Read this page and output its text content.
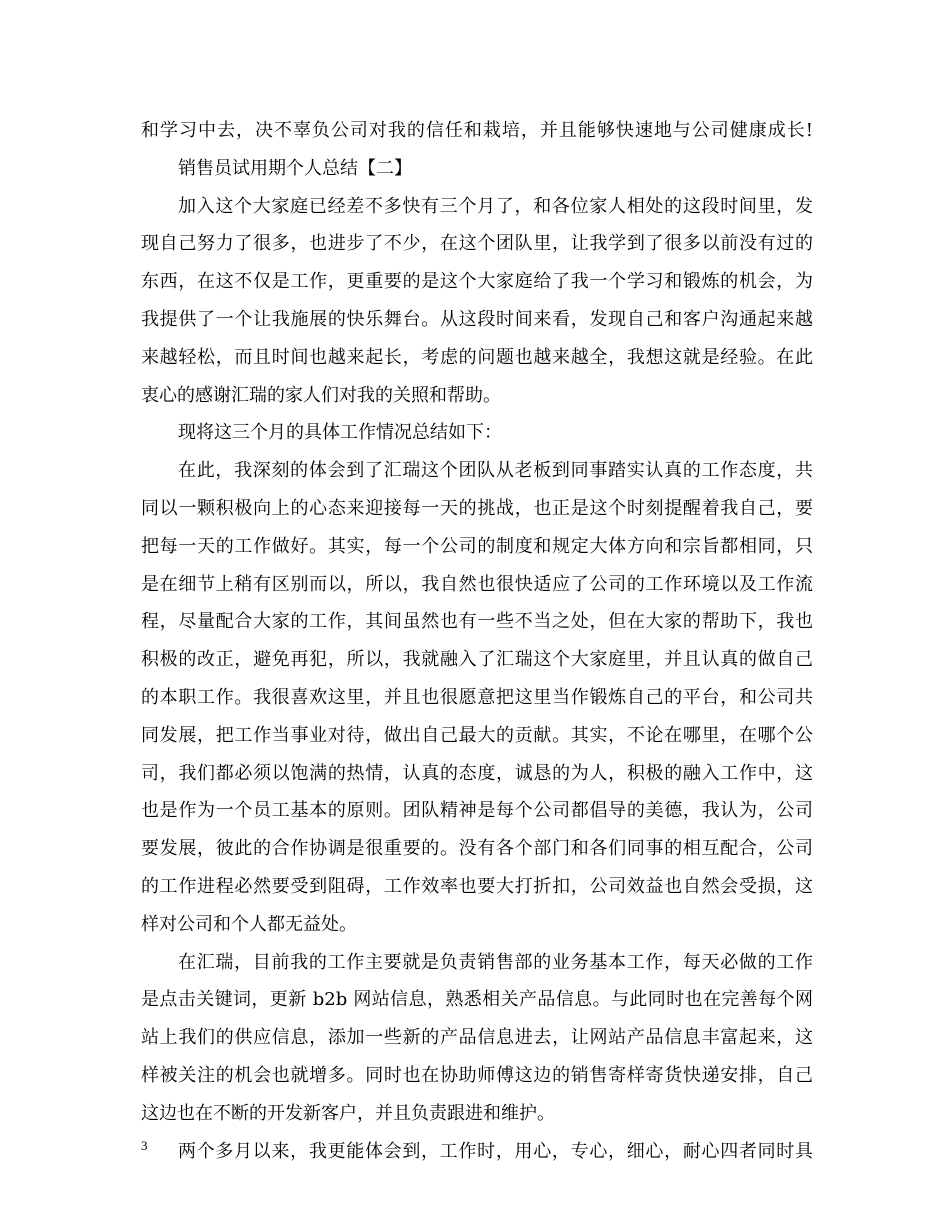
和学习中去，决不辜负公司对我的信任和栽培，并且能够快速地与公司健康成长!
销售员试用期个人总结【二】
加入这个大家庭已经差不多快有三个月了，和各位家人相处的这段时间里，发
现自己努力了很多，也进步了不少，在这个团队里，让我学到了很多以前没有过的
东西，在这不仅是工作，更重要的是这个大家庭给了我一个学习和锻炼的机会，为
我提供了一个让我施展的快乐舞台。从这段时间来看，发现自己和客户沟通起来越
来越轻松，而且时间也越来起长，考虑的问题也越来越全，我想这就是经验。在此
衷心的感谢汇瑞的家人们对我的关照和帮助。
现将这三个月的具体工作情况总结如下：
在此，我深刻的体会到了汇瑞这个团队从老板到同事踏实认真的工作态度，共
同以一颗积极向上的心态来迎接每一天的挑战，也正是这个时刻提醒着我自己，要
把每一天的工作做好。其实，每一个公司的制度和规定大体方向和宗旨都相同，只
是在细节上稍有区别而以，所以，我自然也很快适应了公司的工作环境以及工作流
程，尽量配合大家的工作，其间虽然也有一些不当之处，但在大家的帮助下，我也
积极的改正，避免再犯，所以，我就融入了汇瑞这个大家庭里，并且认真的做自己
的本职工作。我很喜欢这里，并且也很愿意把这里当作锻炼自己的平台，和公司共
同发展，把工作当事业对待，做出自己最大的贡献。其实，不论在哪里，在哪个公
司，我们都必须以饱满的热情，认真的态度，诚恳的为人，积极的融入工作中，这
也是作为一个员工基本的原则。团队精神是每个公司都倡导的美德，我认为，公司
要发展，彼此的合作协调是很重要的。没有各个部门和各们同事的相互配合，公司
的工作进程必然要受到阻碍，工作效率也要大打折扣，公司效益也自然会受损，这
样对公司和个人都无益处。
在汇瑞，目前我的工作主要就是负责销售部的业务基本工作，每天必做的工作
是点击关键词，更新 b2b 网站信息，熟悉相关产品信息。与此同时也在完善每个网
站上我们的供应信息，添加一些新的产品信息进去，让网站产品信息丰富起来，这
样被关注的机会也就增多。同时也在协助师傅这边的销售寄样寄货快递安排，自己
这边也在不断的开发新客户，并且负责跟进和维护。
两个多月以来，我更能体会到，工作时，用心，专心，细心，耐心四者同时具
3
